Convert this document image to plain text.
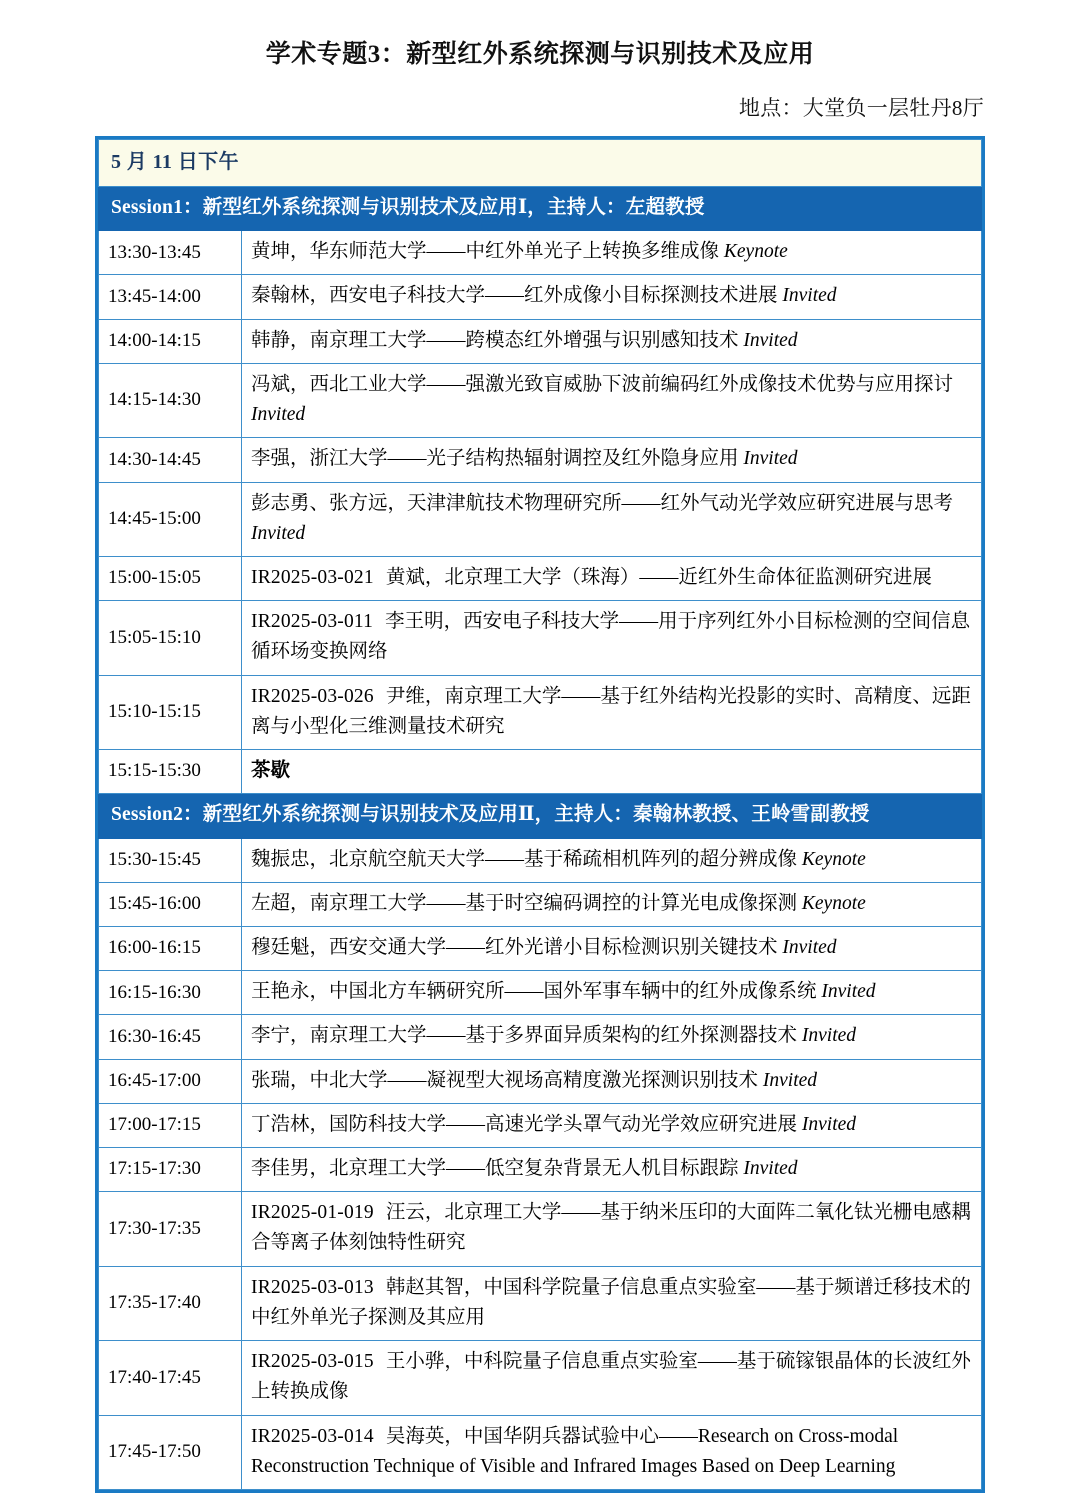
学术专题3：新型红外系统探测与识别技术及应用
地点：大堂负一层牡丹8厅
5 月 11 日下午	
Session1：新型红外系统探测与识别技术及应用Ⅰ，主持人：左超教授	
13:30-13:45	黄坤，华东师范大学——中红外单光子上转换多维成像 Keynote
13:45-14:00	秦翰林，西安电子科技大学——红外成像小目标探测技术进展 Invited
14:00-14:15	韩静，南京理工大学——跨模态红外增强与识别感知技术 Invited
14:15-14:30	冯斌，西北工业大学——强激光致盲威胁下波前编码红外成像技术优势与应用探讨 Invited
14:30-14:45	李强，浙江大学——光子结构热辐射调控及红外隐身应用 Invited
14:45-15:00	彭志勇、张方远，天津津航技术物理研究所——红外气动光学效应研究进展与思考 Invited
15:00-15:05	IR2025-03-021 黄斌，北京理工大学（珠海）——近红外生命体征监测研究进展
15:05-15:10	IR2025-03-011 李王明，西安电子科技大学——用于序列红外小目标检测的空间信息循环场变换网络
15:10-15:15	IR2025-03-026 尹维，南京理工大学——基于红外结构光投影的实时、高精度、远距离与小型化三维测量技术研究
15:15-15:30	茶歇
Session2：新型红外系统探测与识别技术及应用Ⅱ，主持人：秦翰林教授、王岭雪副教授	
15:30-15:45	魏振忠，北京航空航天大学——基于稀疏相机阵列的超分辨成像 Keynote
15:45-16:00	左超，南京理工大学——基于时空编码调控的计算光电成像探测 Keynote
16:00-16:15	穆廷魁，西安交通大学——红外光谱小目标检测识别关键技术 Invited
16:15-16:30	王艳永，中国北方车辆研究所——国外军事车辆中的红外成像系统 Invited
16:30-16:45	李宁，南京理工大学——基于多界面异质架构的红外探测器技术 Invited
16:45-17:00	张瑞，中北大学——凝视型大视场高精度激光探测识别技术 Invited
17:00-17:15	丁浩林，国防科技大学——高速光学头罩气动光学效应研究进展 Invited
17:15-17:30	李佳男，北京理工大学——低空复杂背景无人机目标跟踪 Invited
17:30-17:35	IR2025-01-019 汪云，北京理工大学——基于纳米压印的大面阵二氧化钛光栅电感耦合等离子体刻蚀特性研究
17:35-17:40	IR2025-03-013 韩赵其智，中国科学院量子信息重点实验室——基于频谱迁移技术的中红外单光子探测及其应用
17:40-17:45	IR2025-03-015 王小骅，中科院量子信息重点实验室——基于硫镓银晶体的长波红外上转换成像
17:45-17:50	IR2025-03-014 吴海英，中国华阴兵器试验中心——Research on Cross-modal Reconstruction Technique of Visible and Infrared Images Based on Deep Learning
